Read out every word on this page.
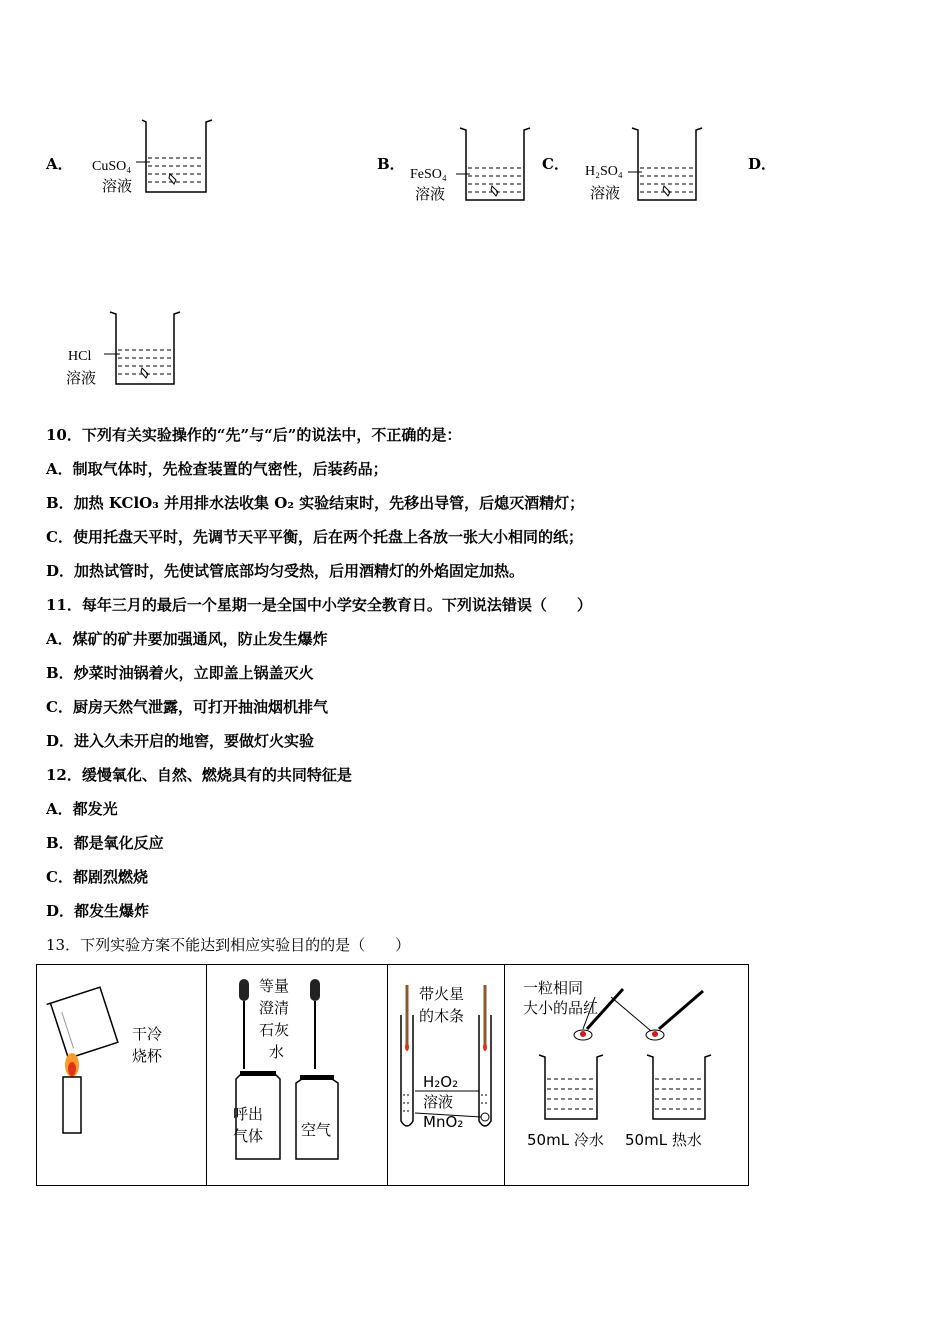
A． CuSO₄
溶液
B．
FeSO₄
溶液
C． H₂SO₄
溶液
D．
HCl
溶液
10．下列有关实验操作的“先”与“后”的说法中，不正确的是：
A．制取气体时，先检查装置的气密性，后装药品；
B．加热 KClO₃ 并用排水法收集 O₂ 实验结束时，先移出导管，后熄灭酒精灯；
C．使用托盘天平时，先调节天平平衡，后在两个托盘上各放一张大小相同的纸；
D．加热试管时，先使试管底部均匀受热，后用酒精灯的外焰固定加热。
11．每年三月的最后一个星期一是全国中小学安全教育日。下列说法错误（　　）
A．煤矿的矿井要加强通风，防止发生爆炸
B．炒菜时油锅着火，立即盖上锅盖灭火
C．厨房天然气泄露，可打开抽油烟机排气
D．进入久未开启的地窖，要做灯火实验
12．缓慢氧化、自然、燃烧具有的共同特征是
A．都发光
B．都是氧化反应
C．都剧烈燃烧
D．都发生爆炸
13．下列实验方案不能达到相应实验目的的是（　　）
干冷
烧杯
等量
澄清
石灰
水
呼出
气体	空气
带火星
的木条
H₂O₂
溶液
MnO₂
一粒相同
大小的品红
50mL 冷水 50mL 热水
